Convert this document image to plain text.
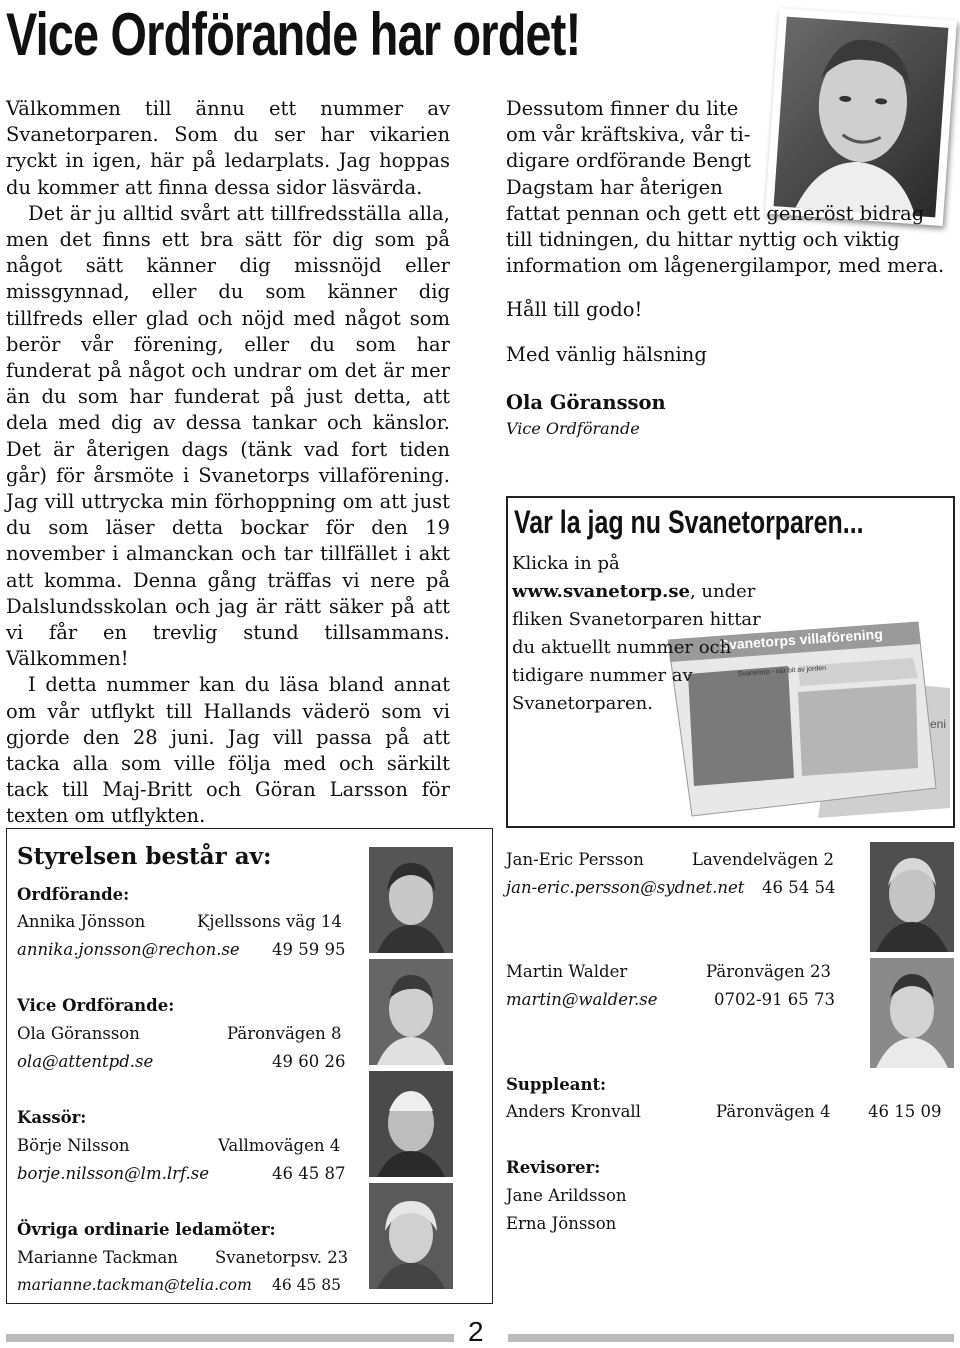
Vice Ordförande har ordet!

Välkommen till ännu ett nummer av Svanetorparen. Som du ser har vikarien ryckt in igen, här på ledarplats. Jag hoppas du kommer att finna dessa sidor läsvärda.

Det är ju alltid svårt att tillfredsställa alla, men det finns ett bra sätt för dig som på något sätt känner dig missnöjd eller missgynnad, eller du som känner dig tillfreds eller glad och nöjd med något som berör vår förening, eller du som har funderat på något och undrar om det är mer än du som har funderat på just detta, att dela med dig av dessa tankar och känslor. Det är återigen dags (tänk vad fort tiden går) för årsmöte i Svanetorps villaförening. Jag vill uttrycka min förhoppning om att just du som läser detta bockar för den 19 november i almanckan och tar tillfället i akt att komma. Denna gång träffas vi nere på Dalslundsskolan och jag är rätt säker på att vi får en trevlig stund tillsammans. Välkommen!

I detta nummer kan du läsa bland annat om vår utflykt till Hallands väderö som vi gjorde den 28 juni. Jag vill passa på att tacka alla som ville följa med och särkilt tack till Maj-Britt och Göran Larsson för texten om utflykten.

Dessutom finner du lite

om vår kräftskiva, vår ti-

digare ordförande Bengt

Dagstam har återigen

fattat pennan och gett ett generöst bidrag till tidningen, du hittar nyttig och viktig information om lågenergilampor, med mera.

Håll till godo!

Med vänlig hälsning

Ola Göransson

Vice Ordförande

Var la jag nu Svanetorparen...
Svanetorps villaförening
Svanetorp - när bit av jorden
eni
Klicka in på www.svanetorp.se, under fliken Svanetorparen hittar du aktuellt nummer och tidigare nummer av Svanetorparen.
Styrelsen består av:
Ordförande:
Annika Jönsson	Kjellssons väg 14
annika.jonsson@rechon.se 49 59 95
Vice Ordförande:
Ola Göransson	Päronvägen 8
ola@attentpd.se	49 60 26
Kassör:
Börje Nilsson	Vallmovägen 4
borje.nilsson@lm.lrf.se	46 45 87
Övriga ordinarie ledamöter:
Marianne Tackman Svanetorpsv. 23
marianne.tackman@telia.com 46 45 85
Jan-Eric Persson	Lavendelvägen 2
jan-eric.persson@sydnet.net 46 54 54
Martin Walder	Päronvägen 23
martin@walder.se	0702-91 65 73
Suppleant:
Anders Kronvall	Päronvägen 4 46 15 09
Revisorer:
Jane Arildsson
Erna Jönsson
2
